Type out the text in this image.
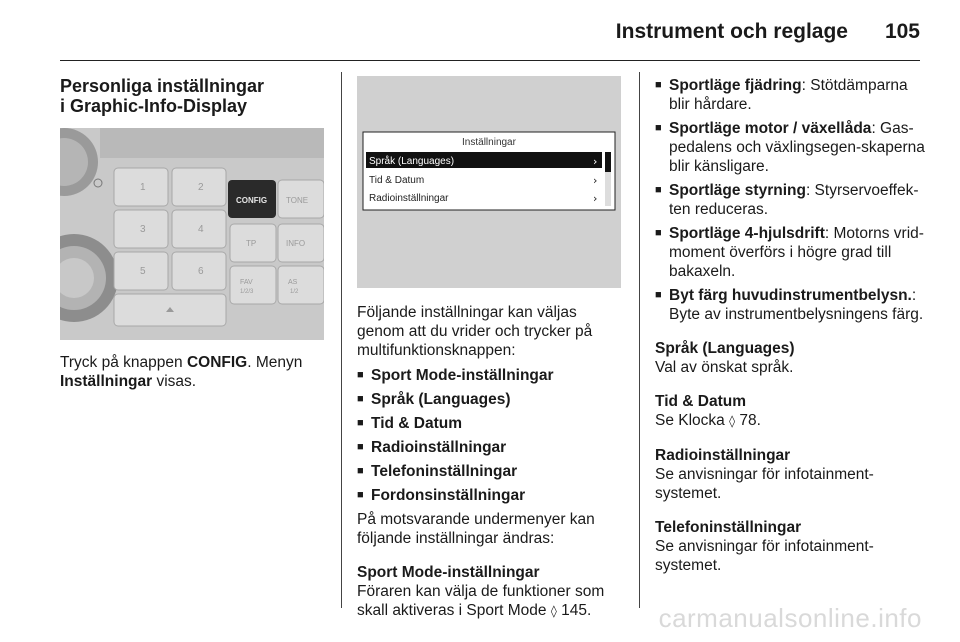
Instrument och reglage 105
Personliga inställningar
i Graphic-Info-Display
1	2
3	4
5	6
CONFIG TONE
TP	INFO
FAV
1/2/3
AS
1/2
Tryck på knappen CONFIG. Menyn
Inställningar visas.
Inställningar
Språk (Languages)	›
Tid & Datum	›
Radioinställningar	›
Följande inställningar kan väljas genom att du vrider och trycker på multifunktionsknappen:
■ Sport Mode-inställningar
■ Språk (Languages)
■ Tid & Datum
■ Radioinställningar
■ Telefoninställningar
■ Fordonsinställningar
På motsvarande undermenyer kan följande inställningar ändras:
Sport Mode-inställningar
Föraren kan välja de funktioner som skall aktiveras i Sport Mode ◊ 145.
■ Sportläge fjädring: Stötdämparna blir hårdare.
■ Sportläge motor / växellåda: Gas-pedalens och växlingsegen-skaperna blir känsligare.
■ Sportläge styrning: Styrservoeffek-ten reduceras.
■ Sportläge 4-hjulsdrift: Motorns vrid-moment överförs i högre grad till bakaxeln.
■ Byt färg huvudinstrumentbelysn.: Byte av instrumentbelysningens färg.
Språk (Languages)
Val av önskat språk.
Tid & Datum
Se Klocka ◊ 78.
Radioinställningar
Se anvisningar för infotainment-systemet.
Telefoninställningar
Se anvisningar för infotainment-systemet.
carmanualsonline.info
